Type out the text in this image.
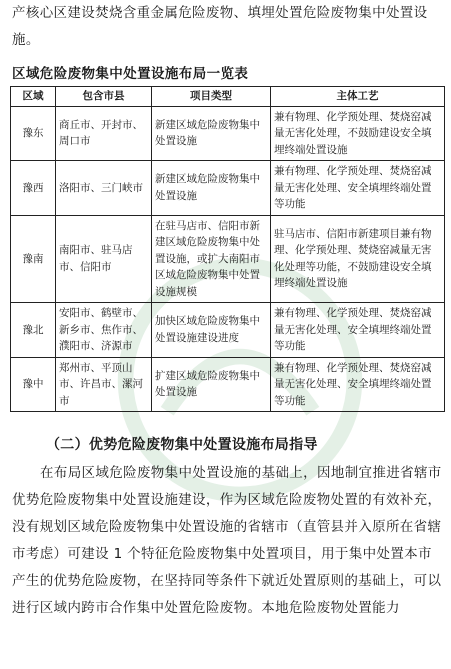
产核心区建设焚烧含重金属危险废物、填埋处置危险废物集中处置设施。
区域危险废物集中处置设施布局一览表
区域	包含市县	项目类型	主体工艺
豫东	商丘市、开封市、周口市	新建区域危险废物集中处置设施	兼有物理、化学预处理、焚烧窑减量无害化处理，不鼓励建设安全填埋终端处置设施
豫西	洛阳市、三门峡市	新建区域危险废物集中处置设施	兼有物理、化学预处理、焚烧窑减量无害化处理、安全填埋终端处置等功能
豫南	南阳市、驻马店市、信阳市	在驻马店市、信阳市新建区域危险废物集中处置设施，或扩大南阳市区域危险废物集中处置设施规模	驻马店市、信阳市新建项目兼有物理、化学预处理、焚烧窑减量无害化处理等功能，不鼓励建设安全填埋终端处置设施
豫北	安阳市、鹤壁市、新乡市、焦作市、濮阳市、济源市	加快区域危险废物集中处置设施建设进度	兼有物理、化学预处理、焚烧窑减量无害化处理、安全填埋终端处置等功能
豫中	郑州市、平顶山市、许昌市、漯河市	扩建区域危险废物集中处置设施	兼有物理、化学预处理、焚烧窑减量无害化处理、安全填埋终端处置等功能
（二）优势危险废物集中处置设施布局指导
在布局区域危险废物集中处置设施的基础上，因地制宜推进省辖市优势危险废物集中处置设施建设，作为区域危险废物处置的有效补充，没有规划区域危险废物集中处置设施的省辖市（直管县并入原所在省辖市考虑）可建设 1 个特征危险废物集中处置项目，用于集中处置本市产生的优势危险废物，在坚持同等条件下就近处置原则的基础上，可以进行区域内跨市合作集中处置危险废物。本地危险废物处置能力
